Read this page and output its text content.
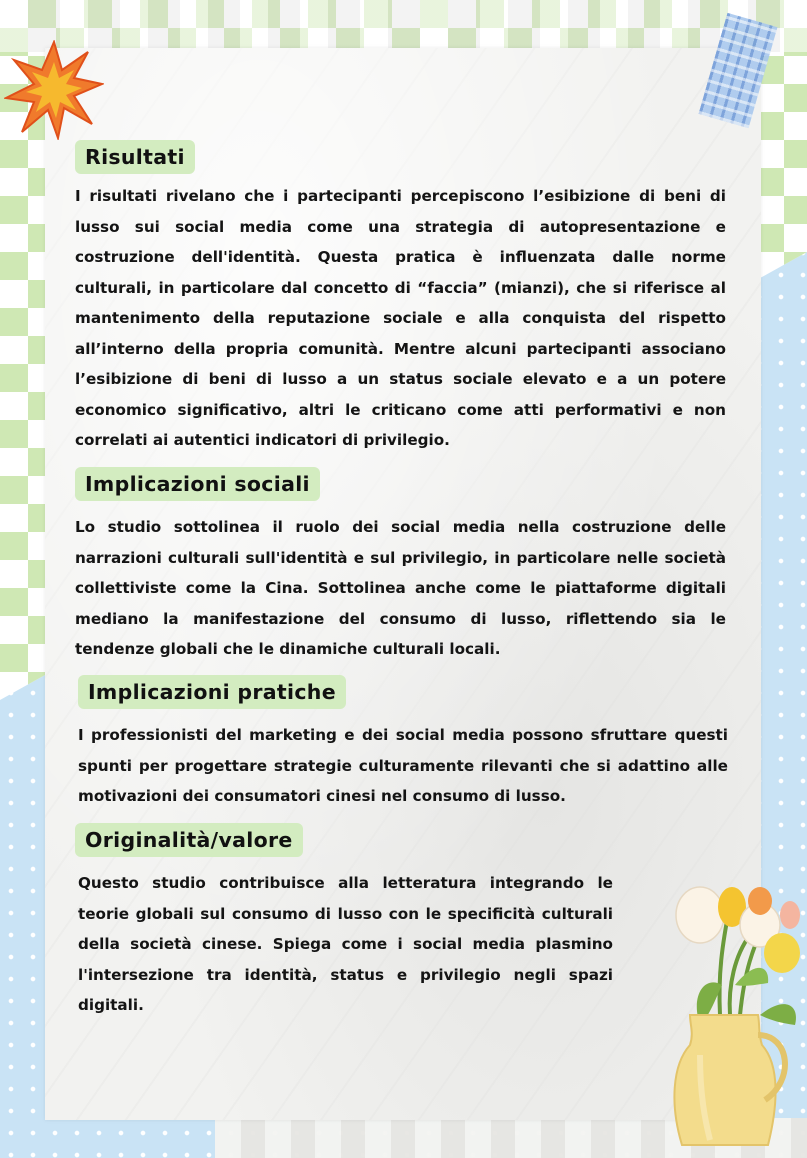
Risultati

I risultati rivelano che i partecipanti percepiscono l’esibizione di beni di lusso sui social media come una strategia di autopresentazione e costruzione dell'identità. Questa pratica è influenzata dalle norme culturali, in particolare dal concetto di “faccia” (mianzi), che si riferisce al mantenimento della reputazione sociale e alla conquista del rispetto all’interno della propria comunità. Mentre alcuni partecipanti associano l’esibizione di beni di lusso a un status sociale elevato e a un potere economico significativo, altri le criticano come atti performativi e non correlati ai autentici indicatori di privilegio.

Implicazioni sociali

Lo studio sottolinea il ruolo dei social media nella costruzione delle narrazioni culturali sull'identità e sul privilegio, in particolare nelle società collettiviste come la Cina. Sottolinea anche come le piattaforme digitali mediano la manifestazione del consumo di lusso, riflettendo sia le tendenze globali che le dinamiche culturali locali.

Implicazioni pratiche

I professionisti del marketing e dei social media possono sfruttare questi spunti per progettare strategie culturamente rilevanti che si adattino alle motivazioni dei consumatori cinesi nel consumo di lusso.

Originalità/valore

Questo studio contribuisce alla letteratura integrando le teorie globali sul consumo di lusso con le specificità culturali della società cinese. Spiega come i social media plasmino l'intersezione tra identità, status e privilegio negli spazi digitali.
